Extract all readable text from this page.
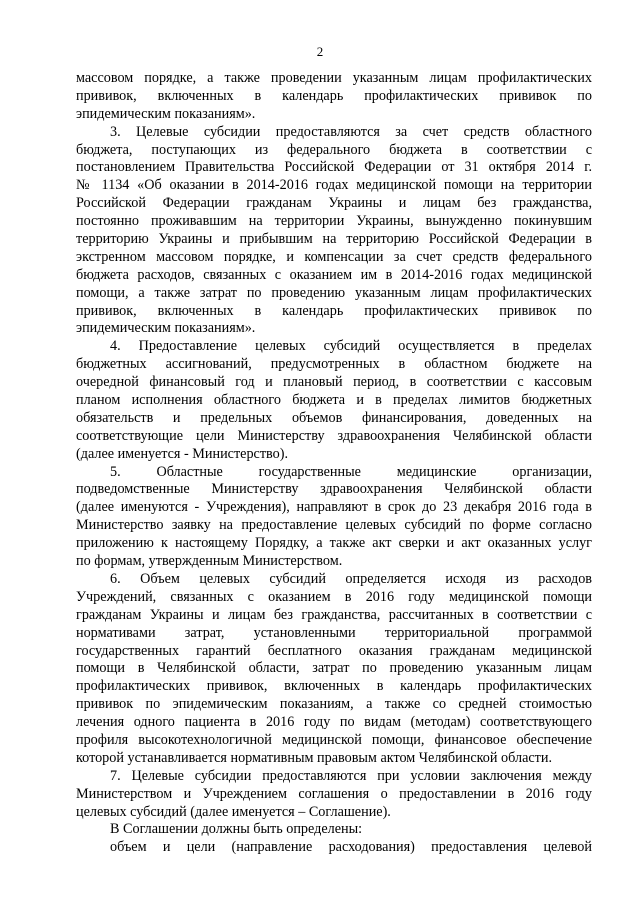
2
массовом порядке, а также проведении указанным лицам профилактических
прививок, включенных в календарь профилактических прививок по
эпидемическим показаниям».
3. Целевые субсидии предоставляются за счет средств областного
бюджета, поступающих из федерального бюджета в соответствии с
постановлением Правительства Российской Федерации от 31 октября 2014 г.
№ 1134 «Об оказании в 2014-2016 годах медицинской помощи на территории
Российской Федерации гражданам Украины и лицам без гражданства,
постоянно проживавшим на территории Украины, вынужденно покинувшим
территорию Украины и прибывшим на территорию Российской Федерации в
экстренном массовом порядке, и компенсации за счет средств федерального
бюджета расходов, связанных с оказанием им в 2014-2016 годах медицинской
помощи, а также затрат по проведению указанным лицам профилактических
прививок, включенных в календарь профилактических прививок по
эпидемическим показаниям».
4. Предоставление целевых субсидий осуществляется в пределах
бюджетных ассигнований, предусмотренных в областном бюджете на
очередной финансовый год и плановый период, в соответствии с кассовым
планом исполнения областного бюджета и в пределах лимитов бюджетных
обязательств и предельных объемов финансирования, доведенных на
соответствующие цели Министерству здравоохранения Челябинской области
(далее именуется - Министерство).
5. Областные государственные медицинские организации,
подведомственные Министерству здравоохранения Челябинской области
(далее именуются - Учреждения), направляют в срок до 23 декабря 2016 года в
Министерство заявку на предоставление целевых субсидий по форме согласно
приложению к настоящему Порядку, а также акт сверки и акт оказанных услуг
по формам, утвержденным Министерством.
6. Объем целевых субсидий определяется исходя из расходов
Учреждений, связанных с оказанием в 2016 году медицинской помощи
гражданам Украины и лицам без гражданства, рассчитанных в соответствии с
нормативами затрат, установленными территориальной программой
государственных гарантий бесплатного оказания гражданам медицинской
помощи в Челябинской области, затрат по проведению указанным лицам
профилактических прививок, включенных в календарь профилактических
прививок по эпидемическим показаниям, а также со средней стоимостью
лечения одного пациента в 2016 году по видам (методам) соответствующего
профиля высокотехнологичной медицинской помощи, финансовое обеспечение
которой устанавливается нормативным правовым актом Челябинской области.
7. Целевые субсидии предоставляются при условии заключения между
Министерством и Учреждением соглашения о предоставлении в 2016 году
целевых субсидий (далее именуется – Соглашение).
В Соглашении должны быть определены:
объем и цели (направление расходования) предоставления целевой
